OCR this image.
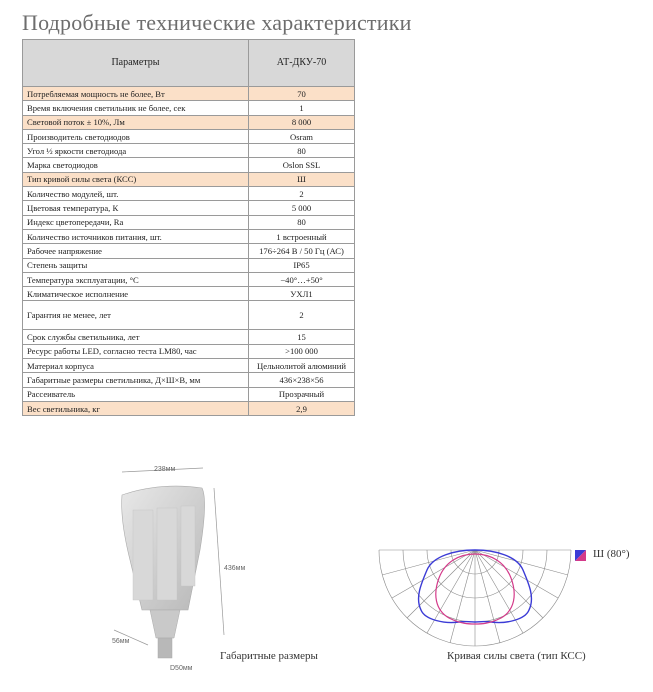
Подробные технические характеристики
Параметры	АТ-ДКУ-70
Потребляемая мощность не более, Вт	70
Время включения светильник не более, сек	1
Световой поток ± 10%, Лм	8 000
Производитель светодиодов	Osram
Угол ½ яркости светодиода	80
Марка светодиодов	Oslon SSL
Тип кривой силы света (КСС)	Ш
Количество модулей, шт.	2
Цветовая температура, К	5 000
Индекс цветопередачи, Ra	80
Количество источников питания, шт.	1 встроенный
Рабочее напряжение	176÷264 В / 50 Гц (АС)
Степень защиты	IP65
Температура эксплуатации, °С	−40°…+50°
Климатическое исполнение	УХЛ1
Гарантия не менее, лет	2
Срок службы светильника, лет	15
Ресурс работы LED, согласно теста LM80, час	>100 000
Материал корпуса	Цельнолитой алюминий
Габаритные размеры светильника, Д×Ш×В, мм	436×238×56
Рассеиватель	Прозрачный
Вес светильника, кг	2,9
238мм
436мм
56мм
D50мм
Габаритные размеры
Ш (80°)
Кривая силы света (тип КСС)
